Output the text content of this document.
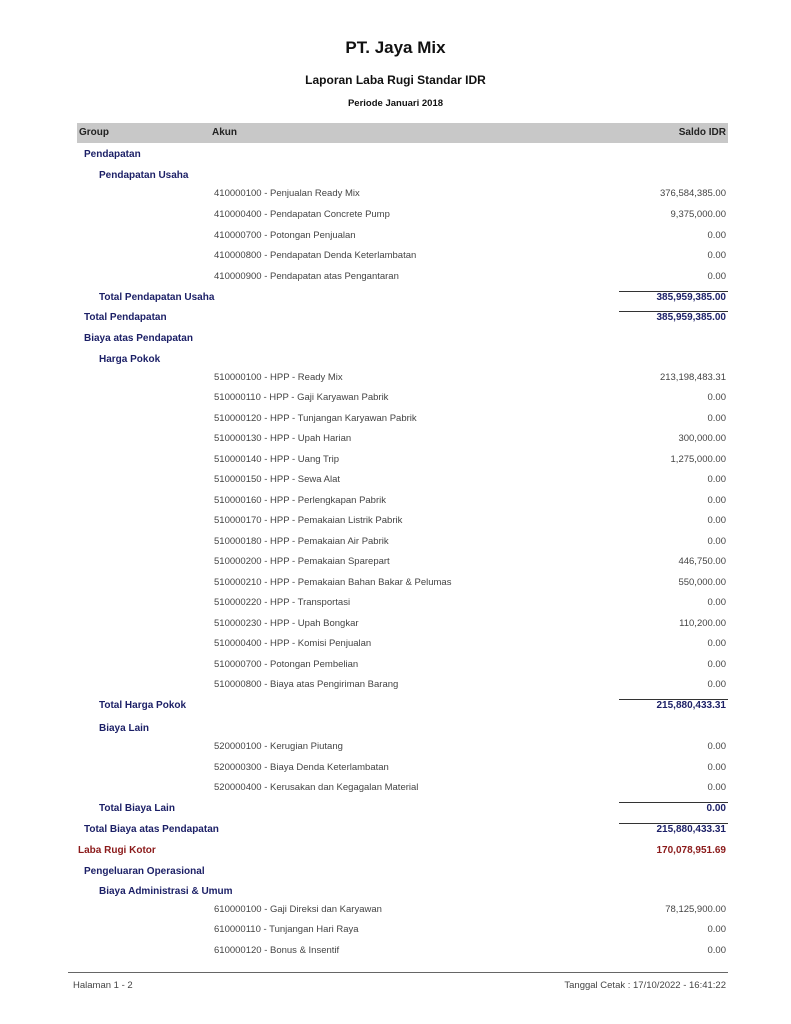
PT. Jaya Mix
Laporan Laba Rugi Standar IDR
Periode Januari 2018
Group	Akun	Saldo IDR
Pendapatan
Pendapatan Usaha
410000100 - Penjualan Ready Mix	376,584,385.00
410000400 - Pendapatan Concrete Pump	9,375,000.00
410000700 - Potongan Penjualan	0.00
410000800 - Pendapatan Denda Keterlambatan	0.00
410000900 - Pendapatan atas Pengantaran	0.00
Total Pendapatan Usaha	385,959,385.00
Total Pendapatan	385,959,385.00
Biaya atas Pendapatan
Harga Pokok
510000100 - HPP - Ready Mix	213,198,483.31
510000110 - HPP - Gaji Karyawan Pabrik	0.00
510000120 - HPP - Tunjangan Karyawan Pabrik	0.00
510000130 - HPP - Upah Harian	300,000.00
510000140 - HPP - Uang Trip	1,275,000.00
510000150 - HPP - Sewa Alat	0.00
510000160 - HPP - Perlengkapan Pabrik	0.00
510000170 - HPP - Pemakaian Listrik Pabrik	0.00
510000180 - HPP - Pemakaian Air Pabrik	0.00
510000200 - HPP - Pemakaian Sparepart	446,750.00
510000210 - HPP - Pemakaian Bahan Bakar & Pelumas	550,000.00
510000220 - HPP - Transportasi	0.00
510000230 - HPP - Upah Bongkar	110,200.00
510000400 - HPP - Komisi Penjualan	0.00
510000700 - Potongan Pembelian	0.00
510000800 - Biaya atas Pengiriman Barang	0.00
Total Harga Pokok	215,880,433.31
Biaya Lain
520000100 - Kerugian Piutang	0.00
520000300 - Biaya Denda Keterlambatan	0.00
520000400 - Kerusakan dan Kegagalan Material	0.00
Total Biaya Lain	0.00
Total Biaya atas Pendapatan	215,880,433.31
Laba Rugi Kotor	170,078,951.69
Pengeluaran Operasional
Biaya Administrasi & Umum
610000100 - Gaji Direksi dan Karyawan	78,125,900.00
610000110 - Tunjangan Hari Raya	0.00
610000120 - Bonus & Insentif	0.00
Halaman 1 - 2	Tanggal Cetak : 17/10/2022 - 16:41:22
